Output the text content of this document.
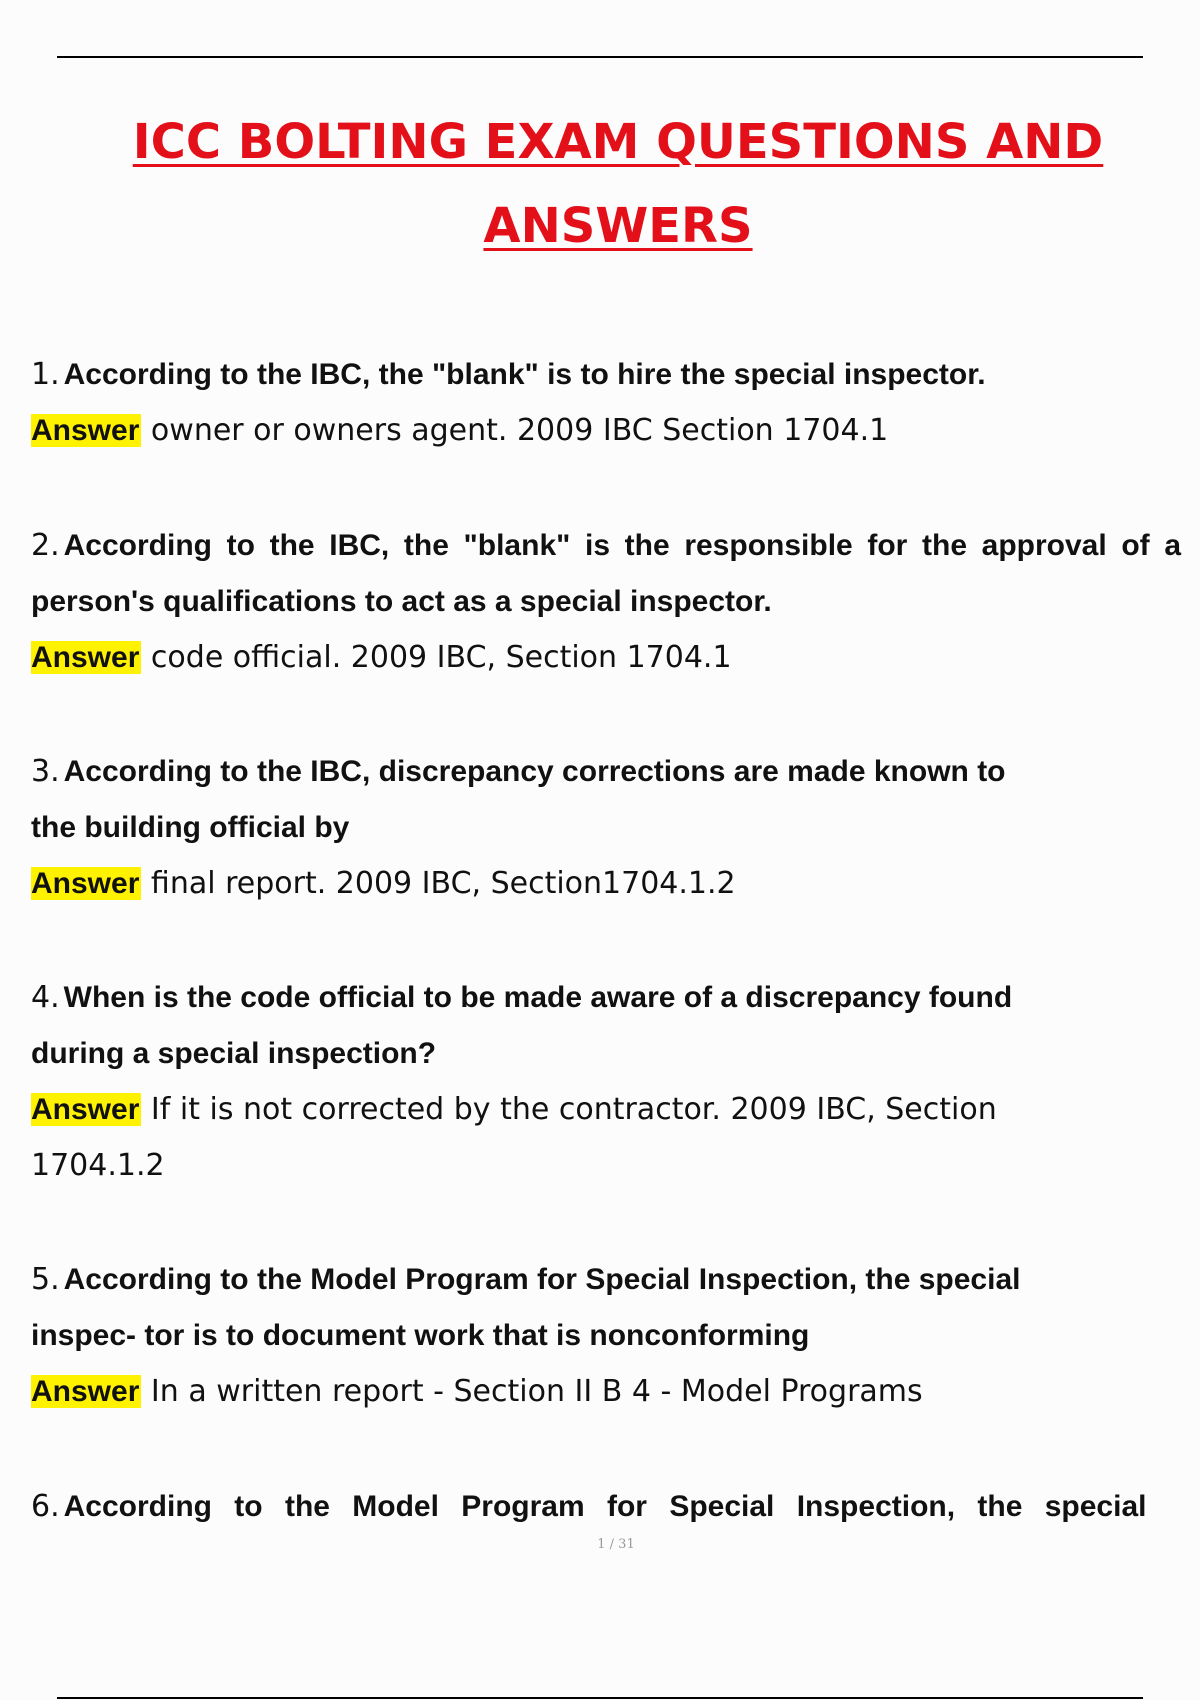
ICC BOLTING EXAM QUESTIONS AND
ANSWERS

1. According to the IBC, the "blank" is to hire the special inspector.

Answer owner or owners agent. 2009 IBC Section 1704.1

2. According to the IBC, the "blank" is the responsible for the approval of a person's qualifications to act as a special inspector.

Answer code official. 2009 IBC, Section 1704.1

3. According to the IBC, discrepancy corrections are made known to
the building official by

Answer final report. 2009 IBC, Section1704.1.2

4. When is the code official to be made aware of a discrepancy found
during a special inspection?

Answer If it is not corrected by the contractor. 2009 IBC, Section 1704.1.2

5. According to the Model Program for Special Inspection, the special
inspec- tor is to document work that is nonconforming

Answer In a written report - Section II B 4 - Model Programs

6. According to the Model Program for Special Inspection, the special

1 / 31
